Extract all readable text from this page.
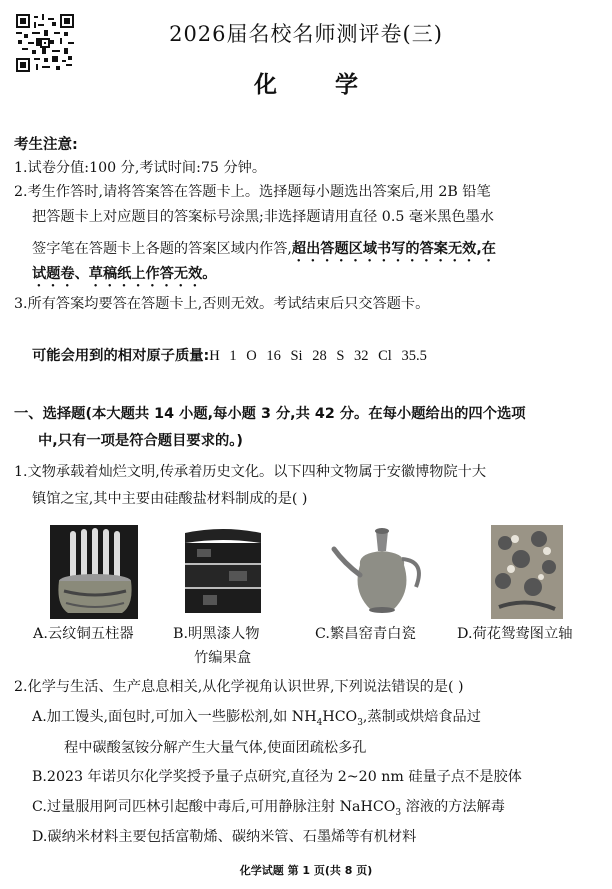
2026届名校名师测评卷(三)
化	学
考生注意:
1.试卷分值:100 分,考试时间:75 分钟。
2.考生作答时,请将答案答在答题卡上。选择题每小题选出答案后,用 2B 铅笔
把答题卡上对应题目的答案标号涂黑;非选择题请用直径 0.5 毫米黑色墨水
签字笔在答题卡上各题的答案区域内作答,超出答题区域书写的答案无效,在
试题卷、草稿纸上作答无效。
3.所有答案均要答在答题卡上,否则无效。考试结束后只交答题卡。
可能会用到的相对原子质量:H 1 O 16 Si 28 S 32 Cl 35.5
一、选择题(本大题共 14 小题,每小题 3 分,共 42 分。在每小题给出的四个选项
中,只有一项是符合题目要求的。)
1.文物承载着灿烂文明,传承着历史文化。以下四种文物属于安徽博物院十大
镇馆之宝,其中主要由硅酸盐材料制成的是( )
A.云纹铜五柱器	B.明黑漆人物
竹编果盒
C.繁昌窑青白瓷	D.荷花鸳鸯图立轴
2.化学与生活、生产息息相关,从化学视角认识世界,下列说法错误的是( )
A.加工馒头,面包时,可加入一些膨松剂,如 $NH_4HCO_3$,蒸制或烘焙食品过
程中碳酸氢铵分解产生大量气体,使面团疏松多孔
B.2023 年诺贝尔化学奖授予量子点研究,直径为 2~20 nm 硅量子点不是胶体
C.过量服用阿司匹林引起酸中毒后,可用静脉注射 NaHCO$_3$ 溶液的方法解毒
D.碳纳米材料主要包括富勒烯、碳纳米管、石墨烯等有机材料
化学试题 第 1 页(共 8 页)
